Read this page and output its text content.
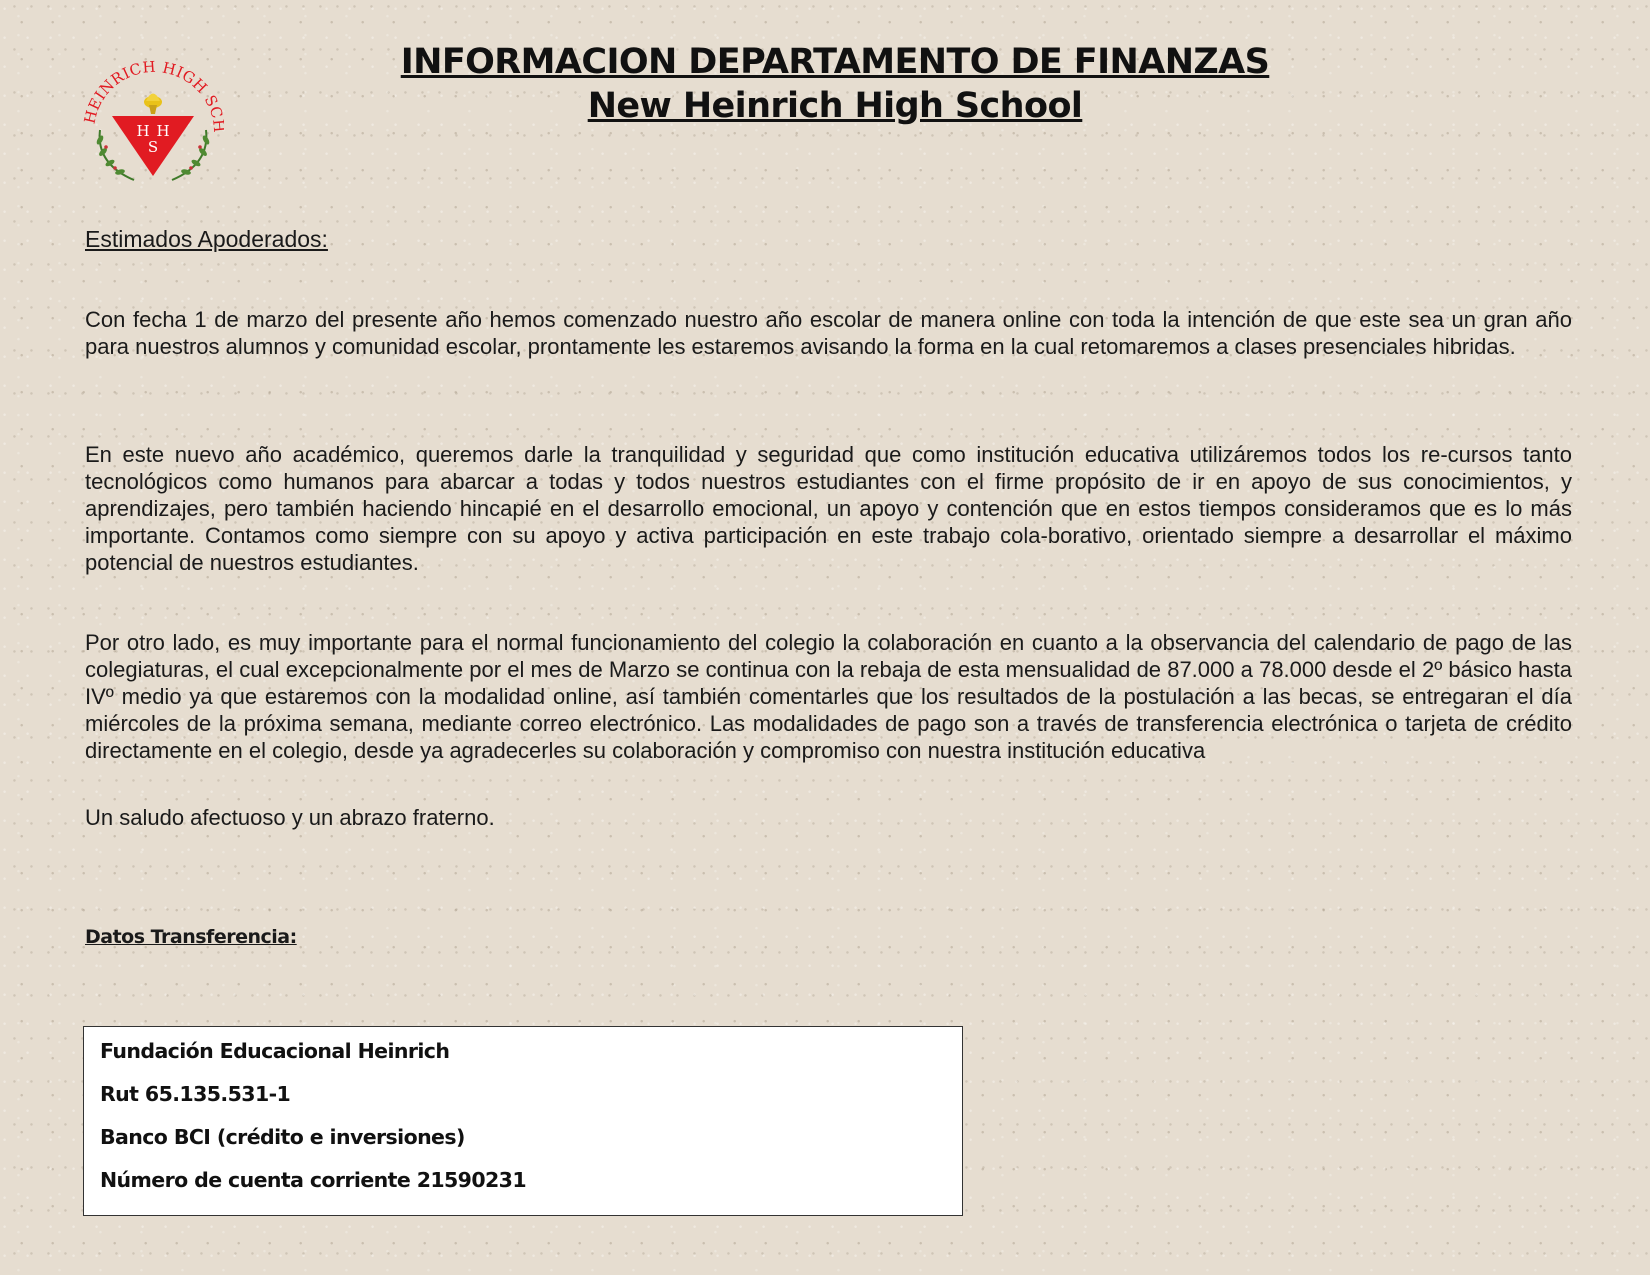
HEINRICH HIGH S
H H
S
INFORMACION DEPARTAMENTO DE FINANZAS
New Heinrich High School
Estimados Apoderados:

Con fecha 1 de marzo del presente año hemos comenzado nuestro año escolar de manera online con toda la intención de que este sea un gran año para nuestros alumnos y comunidad escolar, prontamente les estaremos avisando la forma en la cual retomaremos a clases presenciales hibridas.

En este nuevo año académico, queremos darle la tranquilidad y seguridad que como institución educativa utilizáremos todos los re-cursos tanto tecnológicos como humanos para abarcar a todas y todos nuestros estudiantes con el firme propósito de ir en apoyo de sus conocimientos, y aprendizajes, pero también haciendo hincapié en el desarrollo emocional, un apoyo y contención que en estos tiempos consideramos que es lo más importante. Contamos como siempre con su apoyo y activa participación en este trabajo cola-borativo, orientado siempre a desarrollar el máximo potencial de nuestros estudiantes.

Por otro lado, es muy importante para el normal funcionamiento del colegio la colaboración en cuanto a la observancia del calendario de pago de las colegiaturas, el cual excepcionalmente por el mes de Marzo se continua con la rebaja de esta mensualidad de 87.000 a 78.000 desde el 2º básico hasta IVº medio ya que estaremos con la modalidad online, así también comentarles que los resultados de la postulación a las becas, se entregaran el día miércoles de la próxima semana, mediante correo electrónico. Las modalidades de pago son a través de transferencia electrónica o tarjeta de crédito directamente en el colegio, desde ya agradecerles su colaboración y compromiso con nuestra institución educativa

Un saludo afectuoso y un abrazo fraterno.

Datos Transferencia:
Fundación Educacional Heinrich
Rut 65.135.531-1
Banco BCI (crédito e inversiones)
Número de cuenta corriente 21590231
